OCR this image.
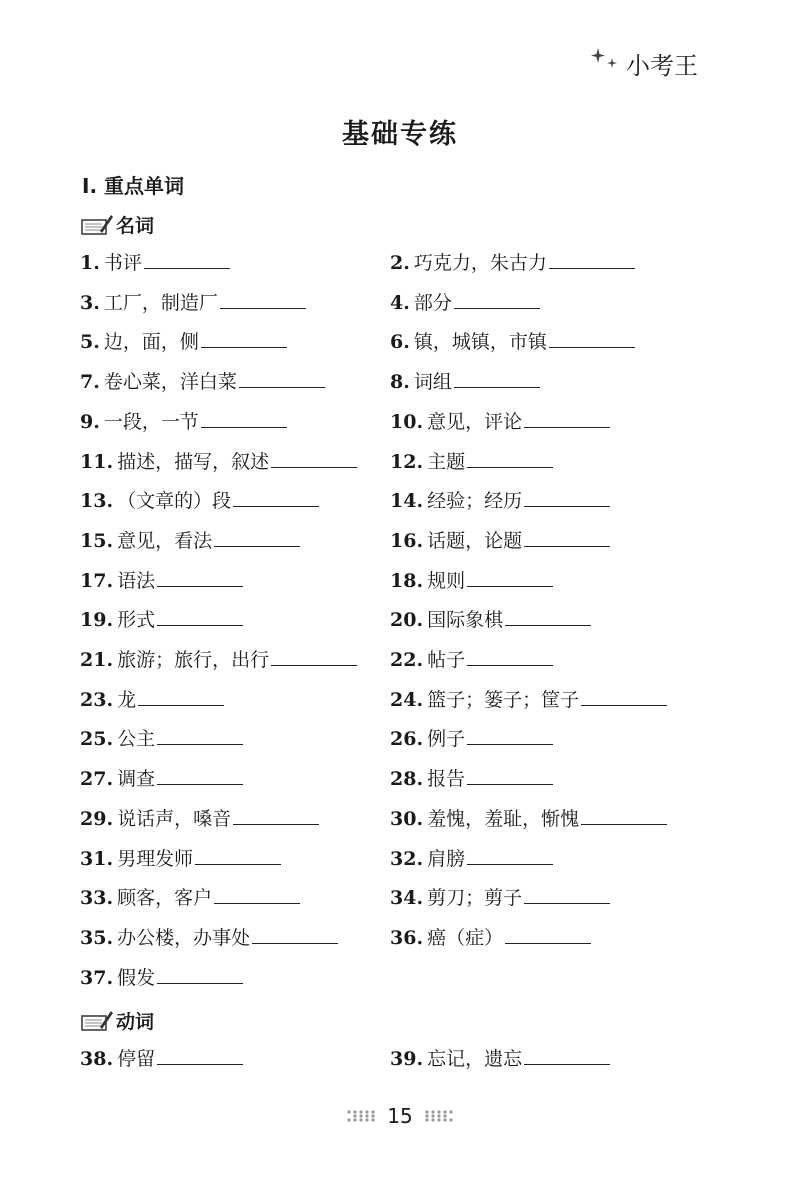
小考王
基础专练
Ⅰ. 重点单词
名词
动词
1. 书评	2. 巧克力，朱古力
3. 工厂，制造厂	4. 部分
5. 边，面，侧	6. 镇，城镇，市镇
7. 卷心菜，洋白菜	8. 词组
9. 一段，一节	10. 意见，评论
11. 描述，描写，叙述	12. 主题
13. （文章的）段	14. 经验；经历
15. 意见，看法	16. 话题，论题
17. 语法	18. 规则
19. 形式	20. 国际象棋
21. 旅游；旅行，出行	22. 帖子
23. 龙	24. 篮子；篓子；筐子
25. 公主	26. 例子
27. 调查	28. 报告
29. 说话声，嗓音	30. 羞愧，羞耻，惭愧
31. 男理发师	32. 肩膀
33. 顾客，客户	34. 剪刀；剪子
35. 办公楼，办事处	36. 癌（症）
37. 假发
38. 停留	39. 忘记，遗忘
15
